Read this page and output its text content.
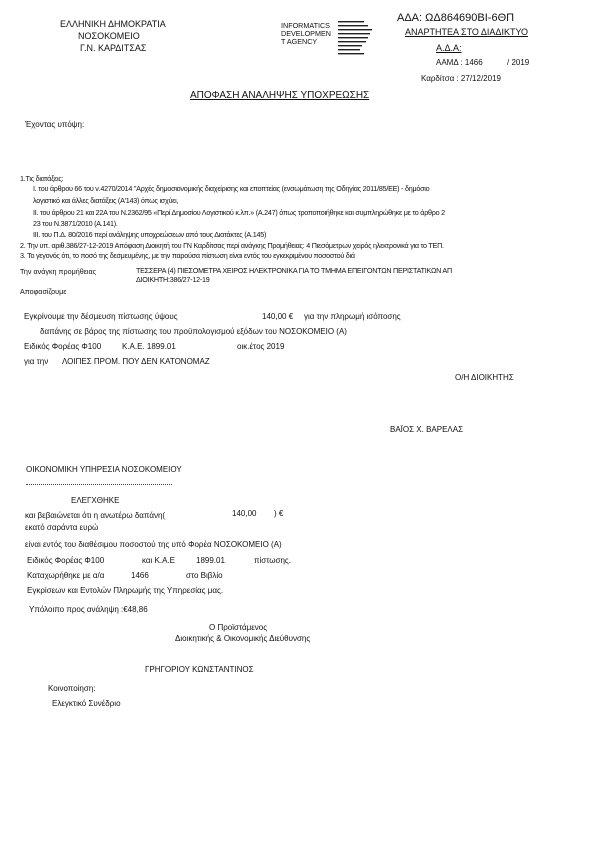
ΕΛΛΗΝΙΚΗ ΔΗΜΟΚΡΑΤΙΑ
ΝΟΣΟΚΟΜΕΙΟ
Γ.Ν. ΚΑΡΔΙΤΣΑΣ
INFORMATICS
DEVELOPMEN
T AGENCY
ΑΔΑ: ΩΔ864690ΒΙ-6ΘΠ
ΑΝΑΡΤΗΤΕΑ ΣΤΟ ΔΙΑΔΙΚΤΥΟ
Α.Δ.Α:
ΑΑΜΔ : 1466	/ 2019
Καρδίτσα : 27/12/2019
ΑΠΟΦΑΣΗ ΑΝΑΛΗΨΗΣ ΥΠΟΧΡΕΩΣΗΣ
Έχοντας υπόψη:
1.Τις διατάξεις:
Ι. του άρθρου 66 του ν.4270/2014 "Αρχές δημοσιονομικής διαχείρισης και εποπτείας (ενσωμάτωση της Οδηγίας 2011/85/ΕΕ) - δημόσιο
λογιστικό και άλλες διατάξεις (Α'143) όπως ισχύει,
ΙΙ. του άρθρου 21 και 22Α του Ν.2362/95 «Περί Δημοσίου Λογιστικού κ.λπ.» (Α.247) όπως τροποποιήθηκε και συμπληρώθηκε με το άρθρο 2
23 του Ν.3871/2010 (Α.141).
ΙΙΙ. του Π.Δ. 80/2016 περί ανάληψης υποχρεώσεων από τους Διατάκτες (Α.145)
2. Την υπ. αριθ.386/27-12-2019 Απόφαση Διοικητή του ΓΝ Καρδίτσας περί ανάγκης Προμήθειας: 4 Πιεσόμετρων χειρός ηλεκτρονικά για το ΤΕΠ.
3. Το γεγονός ότι, το ποσό της δεσμευμένης, με την παρούσα πίστωση είναι εντός του εγκεκριμένου ποσοστού διά
Την ανάγκη προμήθειας	ΤΕΣΣΕΡΑ (4) ΠΙΕΣΟΜΕΤΡΑ ΧΕΙΡΟΣ ΗΛΕΚΤΡΟΝΙΚΑ ΓΙΑ ΤΟ ΤΜΗΜΑ ΕΠΕΙΓΟΝΤΩΝ ΠΕΡΙΣΤΑΤΙΚΩΝ ΑΠ
ΔΙΟΙΚΗΤΗ:386/27-12-19
Αποφασίζουμε
Εγκρίνουμε την δέσμευση πίστωσης ύψους	140,00 € για την πληρωμή ισόποσης
δαπάνης σε βάρος της πίστωσης του προϋπολογισμού εξόδων του ΝΟΣΟΚΟΜΕΙΟ (Α)
Ειδικός Φορέας Φ100	Κ.Α.Ε. 1899.01	οικ.έτος 2019
για την ΛΟΙΠΕΣ ΠΡΟΜ. ΠΟΥ ΔΕΝ ΚΑΤΟΝΟΜΑΖ
Ο/Η ΔΙΟΙΚΗΤΗΣ
ΒΑΪΟΣ Χ. ΒΑΡΕΛΑΣ
ΟΙΚΟΝΟΜΙΚΗ ΥΠΗΡΕΣΙΑ ΝΟΣΟΚΟΜΕΙΟΥ
ΕΛΕΓΧΘΗΚΕ
και βεβαιώνεται ότι η ανωτέρω δαπάνη(	140,00 ) €
εκατό σαράντα ευρώ
είναι εντός του διαθέσιμου ποσοστού της υπό Φορέα ΝΟΣΟΚΟΜΕΙΟ (Α)
Ειδικός Φορέας Φ100	και Κ.Α.Ε	1899.01	πίστωσης.
Καταχωρήθηκε με α/α	1466	στο Βιβλίο
Εγκρίσεων και Εντολών Πληρωμής της Υπηρεσίας μας.
Υπόλοιπο προς ανάληψη :€48,86
Ο Προϊστάμενος
Διοικητικής & Οικονομικής Διεύθυνσης
ΓΡΗΓΟΡΙΟΥ ΚΩΝΣΤΑΝΤΙΝΟΣ
Κοινοποίηση:
Ελεγκτικό Συνέδριο
